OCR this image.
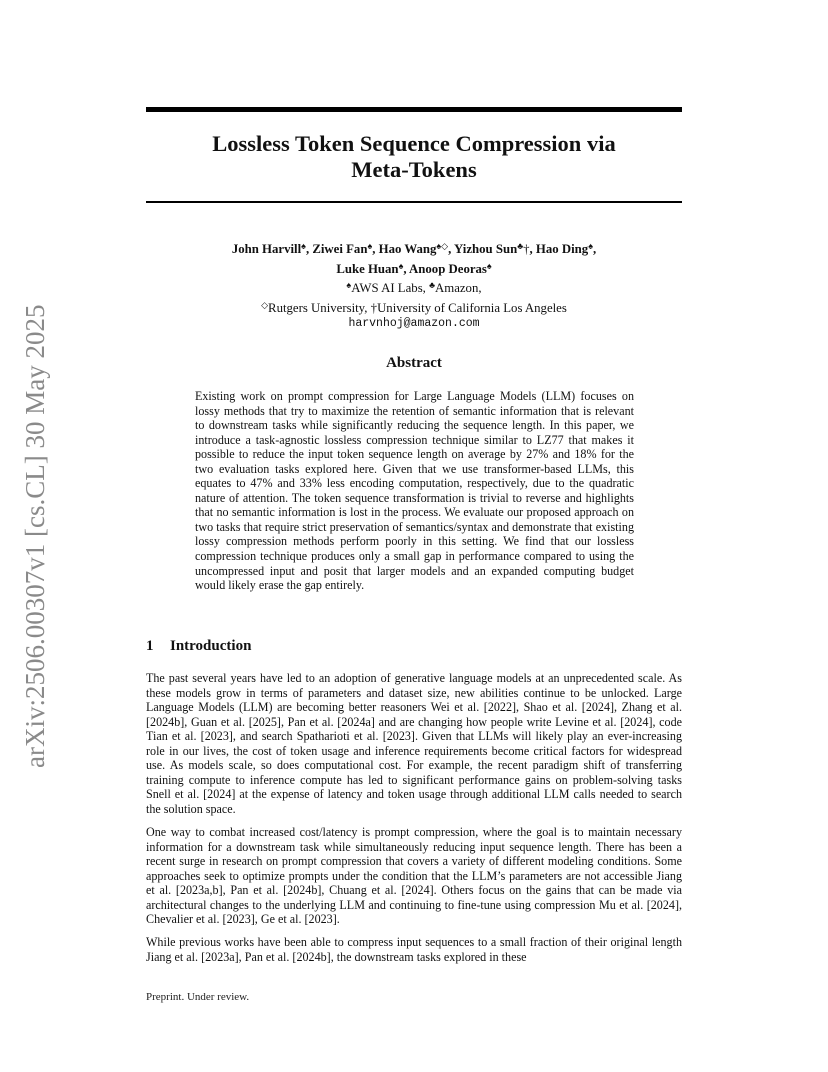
arXiv:2506.00307v1 [cs.CL] 30 May 2025
Lossless Token Sequence Compression via
Meta-Tokens
John Harvill♠, Ziwei Fan♠, Hao Wang♠◇, Yizhou Sun♣†, Hao Ding♠,
Luke Huan♠, Anoop Deoras♠
♠AWS AI Labs, ♣Amazon,
◇Rutgers University, †University of California Los Angeles
harvnhoj@amazon.com
Abstract
Existing work on prompt compression for Large Language Models (LLM) focuses on lossy methods that try to maximize the retention of semantic information that is relevant to downstream tasks while significantly reducing the sequence length. In this paper, we introduce a task-agnostic lossless compression technique similar to LZ77 that makes it possible to reduce the input token sequence length on average by 27% and 18% for the two evaluation tasks explored here. Given that we use transformer-based LLMs, this equates to 47% and 33% less encoding computation, respectively, due to the quadratic nature of attention. The token sequence transformation is trivial to reverse and highlights that no semantic information is lost in the process. We evaluate our proposed approach on two tasks that require strict preservation of semantics/syntax and demonstrate that existing lossy compression methods perform poorly in this setting. We find that our lossless compression technique produces only a small gap in performance compared to using the uncompressed input and posit that larger models and an expanded computing budget would likely erase the gap entirely.
1 Introduction

The past several years have led to an adoption of generative language models at an unprecedented scale. As these models grow in terms of parameters and dataset size, new abilities continue to be unlocked. Large Language Models (LLM) are becoming better reasoners Wei et al. [2022], Shao et al. [2024], Zhang et al. [2024b], Guan et al. [2025], Pan et al. [2024a] and are changing how people write Levine et al. [2024], code Tian et al. [2023], and search Spatharioti et al. [2023]. Given that LLMs will likely play an ever-increasing role in our lives, the cost of token usage and inference requirements become critical factors for widespread use. As models scale, so does computational cost. For example, the recent paradigm shift of transferring training compute to inference compute has led to significant performance gains on problem-solving tasks Snell et al. [2024] at the expense of latency and token usage through additional LLM calls needed to search the solution space.

One way to combat increased cost/latency is prompt compression, where the goal is to maintain necessary information for a downstream task while simultaneously reducing input sequence length. There has been a recent surge in research on prompt compression that covers a variety of different modeling conditions. Some approaches seek to optimize prompts under the condition that the LLM’s parameters are not accessible Jiang et al. [2023a,b], Pan et al. [2024b], Chuang et al. [2024]. Others focus on the gains that can be made via architectural changes to the underlying LLM and continuing to fine-tune using compression Mu et al. [2024], Chevalier et al. [2023], Ge et al. [2023].

While previous works have been able to compress input sequences to a small fraction of their original length Jiang et al. [2023a], Pan et al. [2024b], the downstream tasks explored in these

Preprint. Under review.
